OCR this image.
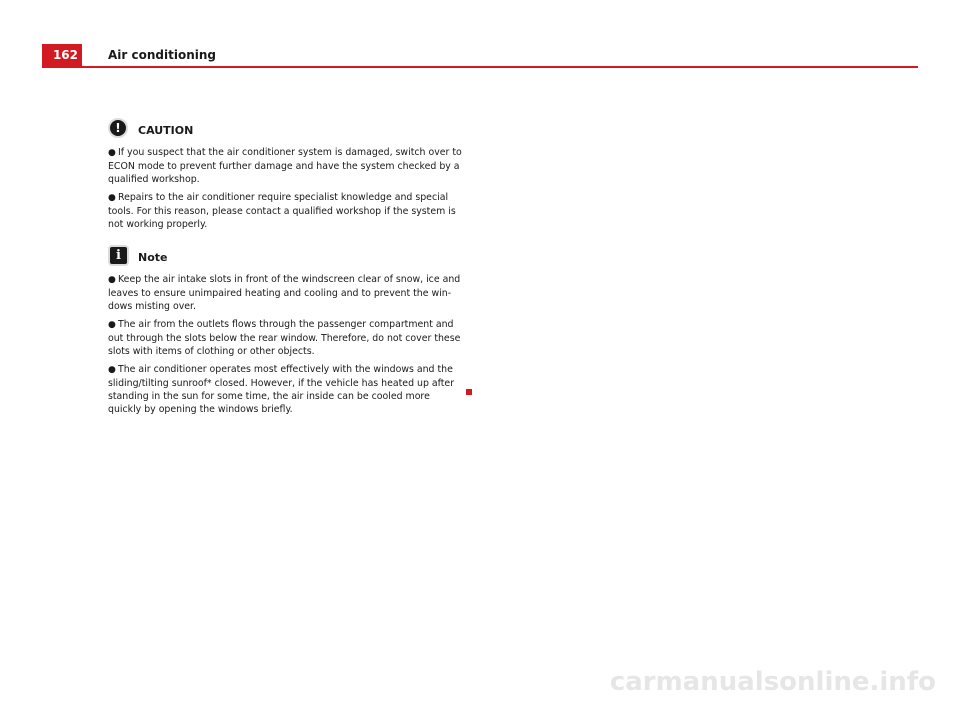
162	Air conditioning
!	CAUTION

● If you suspect that the air conditioner system is damaged, switch over to ECON mode to prevent further damage and have the system checked by a qualified workshop.

● Repairs to the air conditioner require specialist knowledge and special tools. For this reason, please contact a qualified workshop if the system is not working properly.

i	Note

● Keep the air intake slots in front of the windscreen clear of snow, ice and leaves to ensure unimpaired heating and cooling and to prevent the win- dows misting over.

● The air from the outlets flows through the passenger compartment and out through the slots below the rear window. Therefore, do not cover these slots with items of clothing or other objects.

● The air conditioner operates most effectively with the windows and the sliding/tilting sunroof* closed. However, if the vehicle has heated up after standing in the sun for some time, the air inside can be cooled more quickly by opening the windows briefly.

carmanualsonline.info
